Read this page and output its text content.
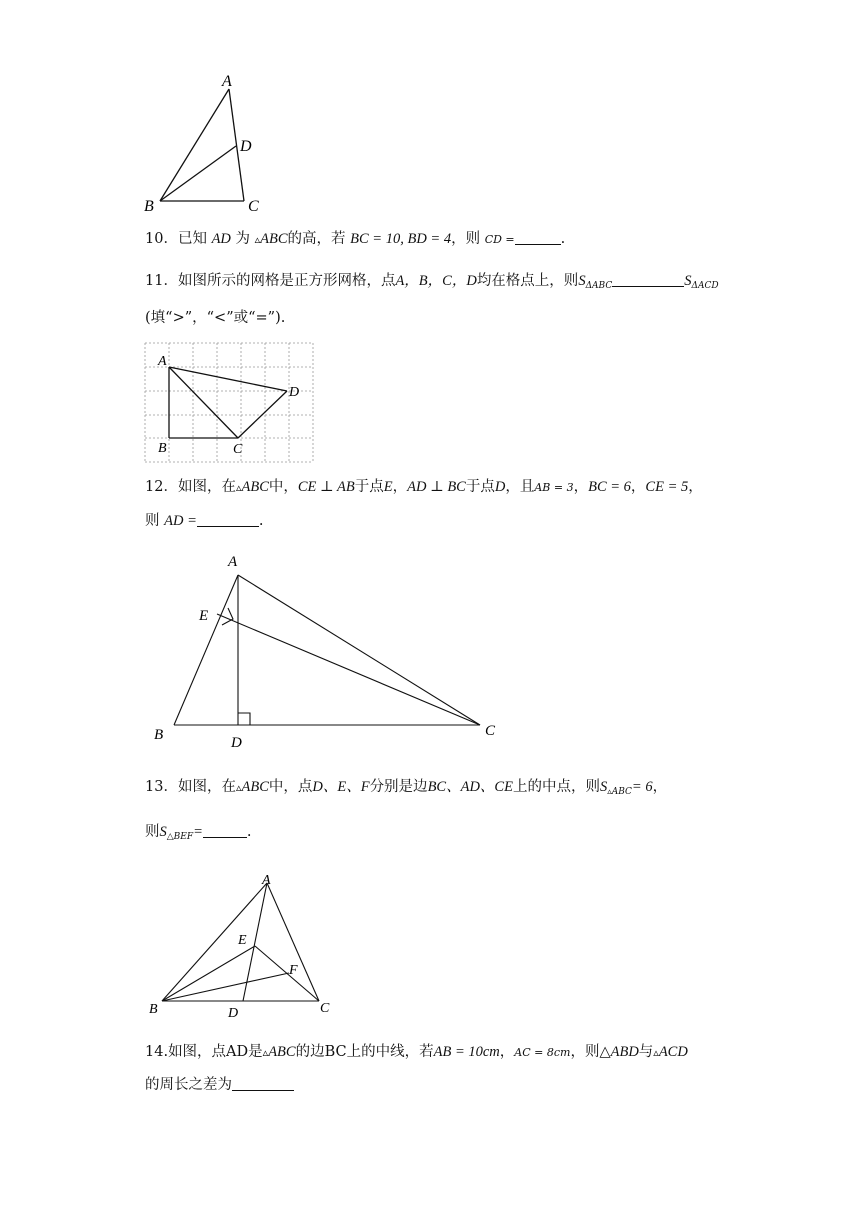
A
D
B	C
10．已知 AD 为 ▵ABC的高，若 BC = 10, BD = 4，则 CD =	.
11．如图所示的网格是正方形网格，点A，B，C，D均在格点上，则$S_{\Delta ABC}$	$S_{\Delta ACD}$
(填“>”，“<”或“=”).
A
D
B	C
12．如图，在▵ABC中，CE ⊥ AB于点E，AD ⊥ BC于点D，且AB = 3，BC = 6，CE = 5，
则 AD =	.
A
E
B	D
C
13．如图，在▵ABC中，点D、E、F分别是边BC、AD、CE上的中点，则$S_{▵ABC}= 6$，
则$S_{\triangle BEF}=$	.
A
E
F
B	D	C
14.如图，点AD是▵ABC的边BC上的中线，若AB = 10cm，AC = 8cm，则△ABD与▵ACD
的周长之差为
